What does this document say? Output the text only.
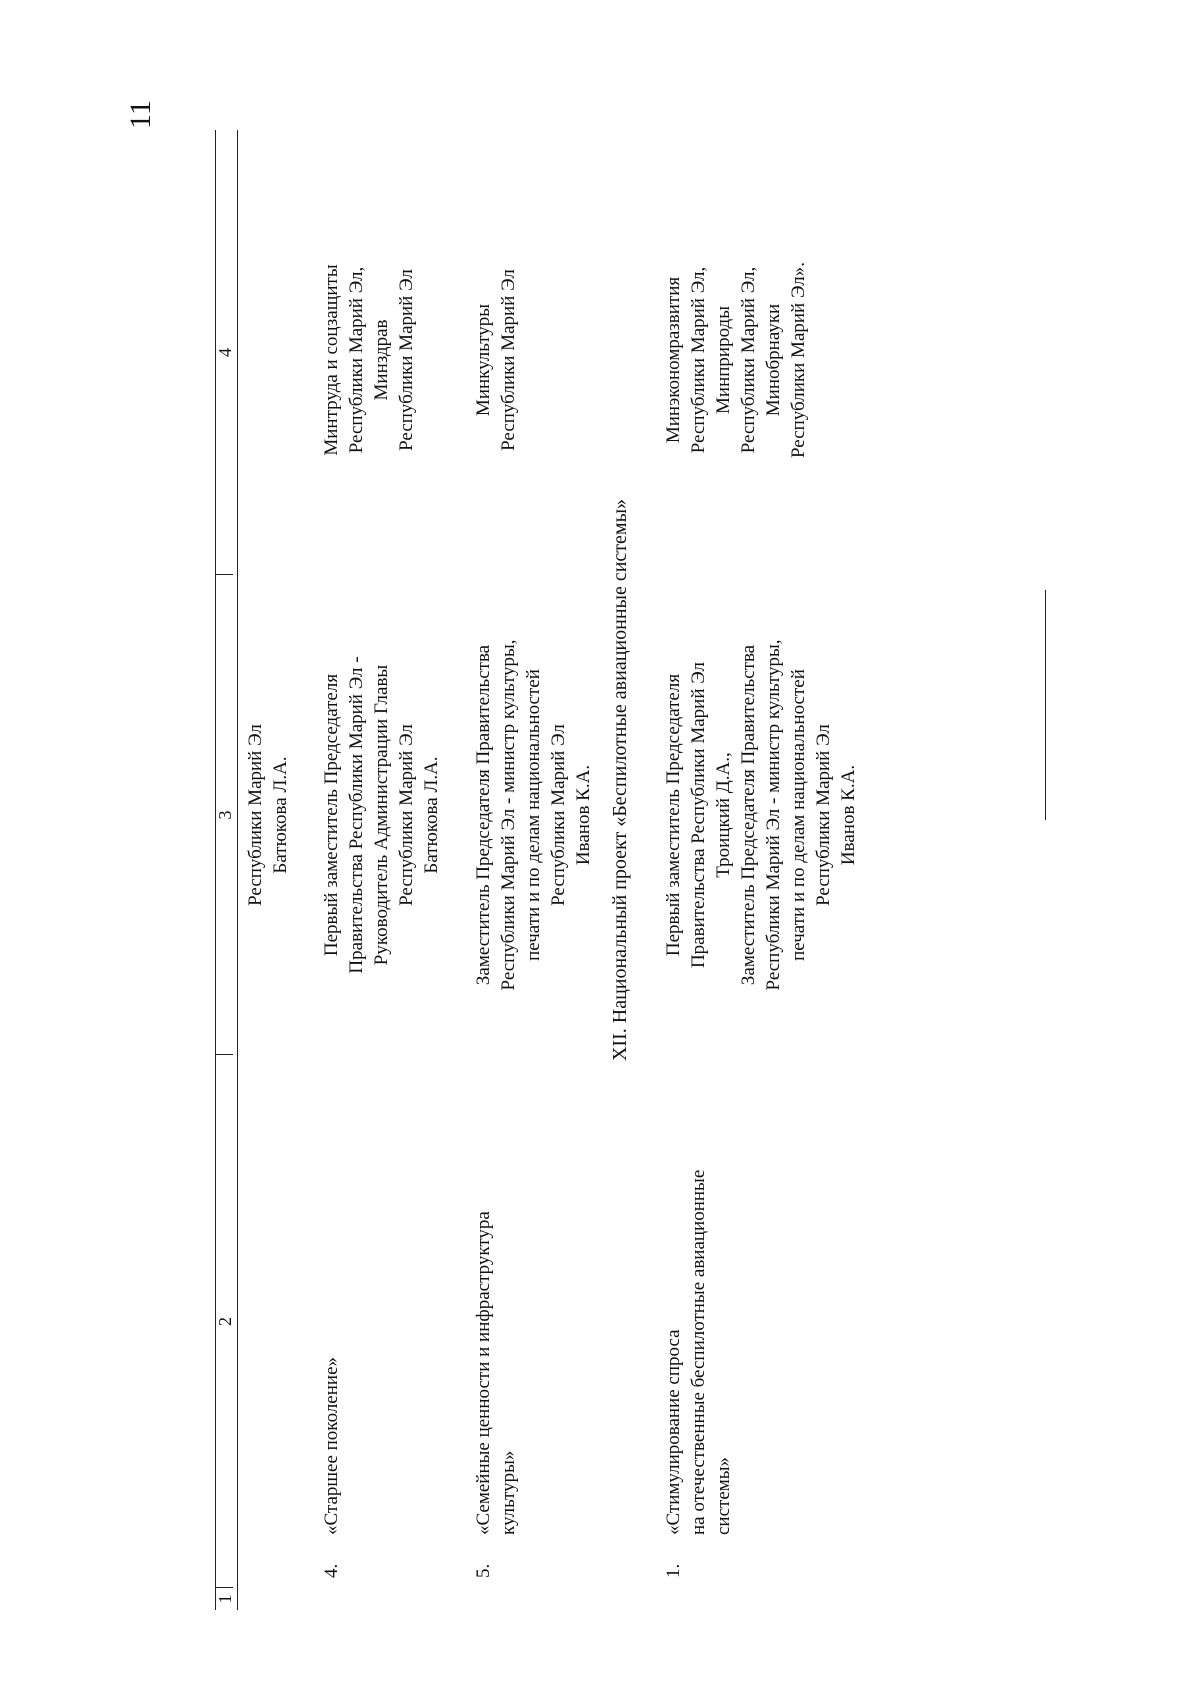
11
1
2
3
4
Республики Марий Эл Батюкова Л.А.
4.
«Старшее поколение»
Первый заместитель Председателя Правительства Республики Марий Эл - Руководитель Администрации Главы Республики Марий Эл Батюкова Л.А.
Минтруда и соцзащиты Республики Марий Эл, Минздрав Республики Марий Эл
5.
«Семейные ценности и инфраструктура культуры»
Заместитель Председателя Правительства Республики Марий Эл - министр культуры, печати и по делам национальностей Республики Марий Эл Иванов К.А.
Минкультуры Республики Марий Эл
XII. Национальный проект «Беспилотные авиационные системы»
1.
«Стимулирование спроса на отечественные беспилотные авиационные системы»
Первый заместитель Председателя Правительства Республики Марий Эл Троицкий Д.А., Заместитель Председателя Правительства Республики Марий Эл - министр культуры, печати и по делам национальностей Республики Марий Эл Иванов К.А.
Минэкономразвития Республики Марий Эл, Минприроды Республики Марий Эл, Минобрнауки Республики Марий Эл».
